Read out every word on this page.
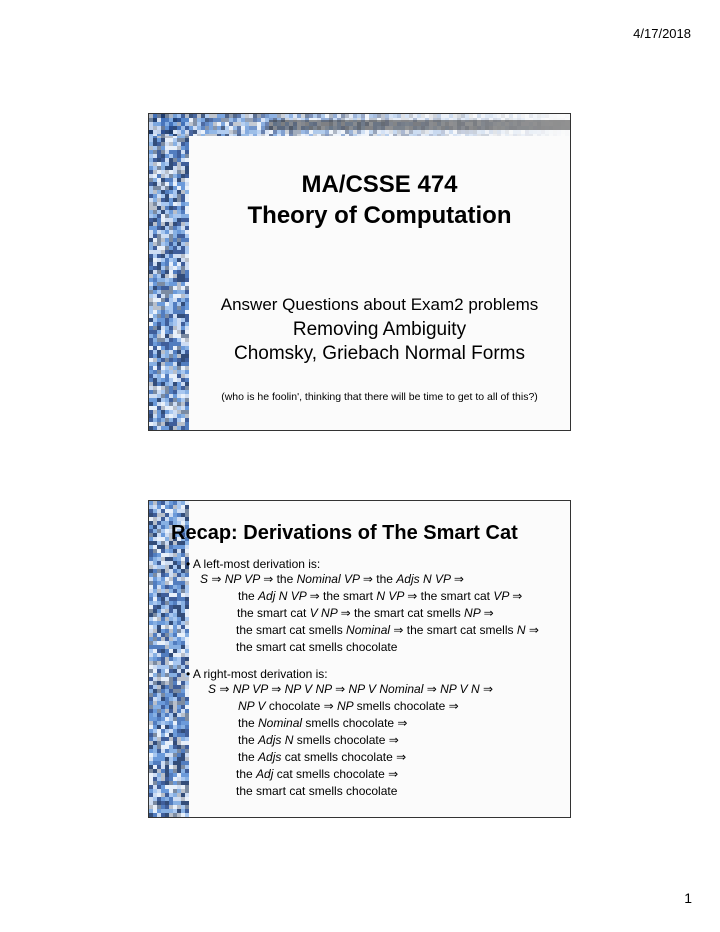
4/17/2018
MA/CSSE 474
Theory of Computation
Answer Questions about Exam2 problems
Removing Ambiguity
Chomsky, Griebach Normal Forms
(who is he foolin', thinking that there will be time to get to all of this?)
Recap: Derivations of The Smart Cat
• A left-most derivation is:
S ⇒ NP VP ⇒ the Nominal VP ⇒ the Adjs N VP ⇒
the Adj N VP ⇒ the smart N VP ⇒ the smart cat VP ⇒
the smart cat V NP ⇒ the smart cat smells NP ⇒
the smart cat smells Nominal ⇒ the smart cat smells N ⇒
the smart cat smells chocolate
• A right-most derivation is:
S ⇒ NP VP ⇒ NP V NP ⇒ NP V Nominal ⇒ NP V N ⇒
NP V chocolate ⇒ NP smells chocolate ⇒
the Nominal smells chocolate ⇒
the Adjs N smells chocolate ⇒
the Adjs cat smells chocolate ⇒
the Adj cat smells chocolate ⇒
the smart cat smells chocolate
1
